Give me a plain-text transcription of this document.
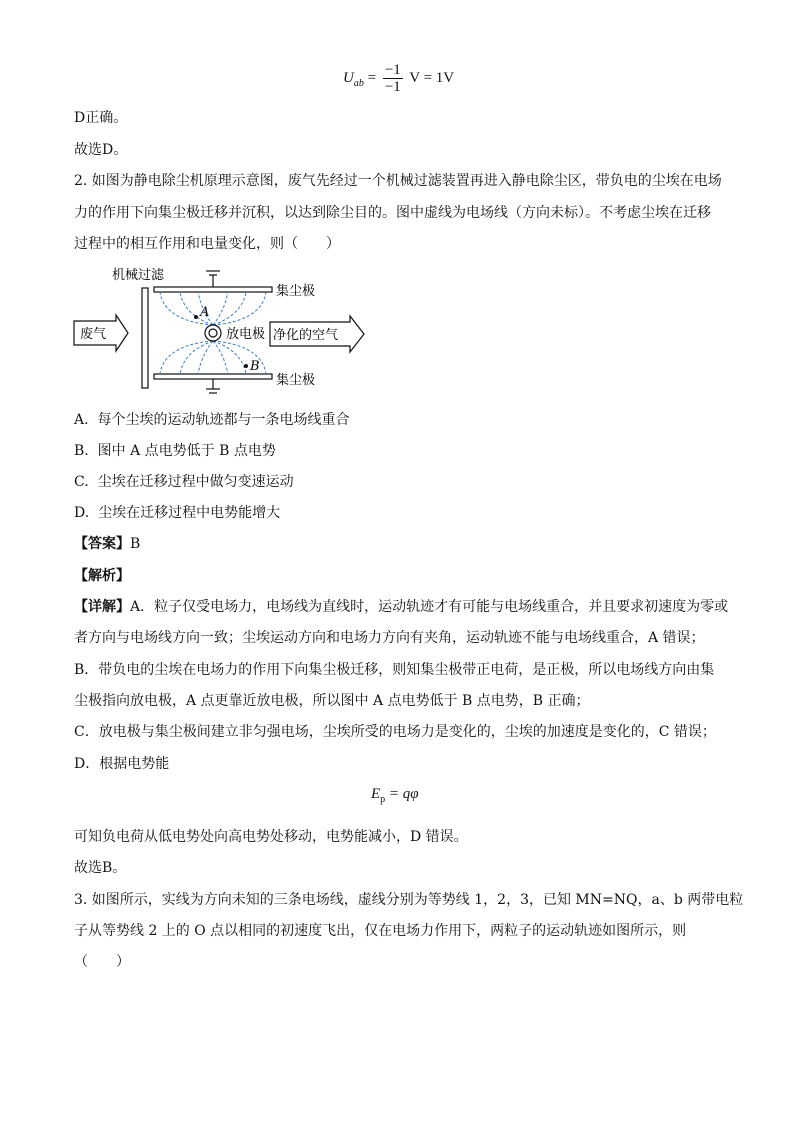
$U_{ab} = \frac{-1}{-1}$ V = 1V
D正确。
故选D。
2. 如图为静电除尘机原理示意图，废气先经过一个机械过滤装置再进入静电除尘区，带负电的尘埃在电场
力的作用下向集尘极迁移并沉积，以达到除尘目的。图中虚线为电场线（方向未标）。不考虑尘埃在迁移
过程中的相互作用和电量变化，则（　　）
机械过滤
集尘极
集尘极
放电极
A
B
废气	净化的空气
A. 每个尘埃的运动轨迹都与一条电场线重合
B. 图中 A 点电势低于 B 点电势
C. 尘埃在迁移过程中做匀变速运动
D. 尘埃在迁移过程中电势能增大
【答案】B
【解析】
【详解】A．粒子仅受电场力，电场线为直线时，运动轨迹才有可能与电场线重合，并且要求初速度为零或
者方向与电场线方向一致；尘埃运动方向和电场力方向有夹角，运动轨迹不能与电场线重合，A 错误；
B．带负电的尘埃在电场力的作用下向集尘极迁移，则知集尘极带正电荷，是正极，所以电场线方向由集
尘极指向放电极，A 点更靠近放电极，所以图中 A 点电势低于 B 点电势，B 正确；
C．放电极与集尘极间建立非匀强电场，尘埃所受的电场力是变化的，尘埃的加速度是变化的，C 错误；
D．根据电势能
$E_p = q\varphi$
可知负电荷从低电势处向高电势处移动，电势能减小，D 错误。
故选B。
3. 如图所示，实线为方向未知的三条电场线，虚线分别为等势线 1，2，3，已知 MN=NQ，a、b 两带电粒
子从等势线 2 上的 O 点以相同的初速度飞出，仅在电场力作用下，两粒子的运动轨迹如图所示，则
（　　）
